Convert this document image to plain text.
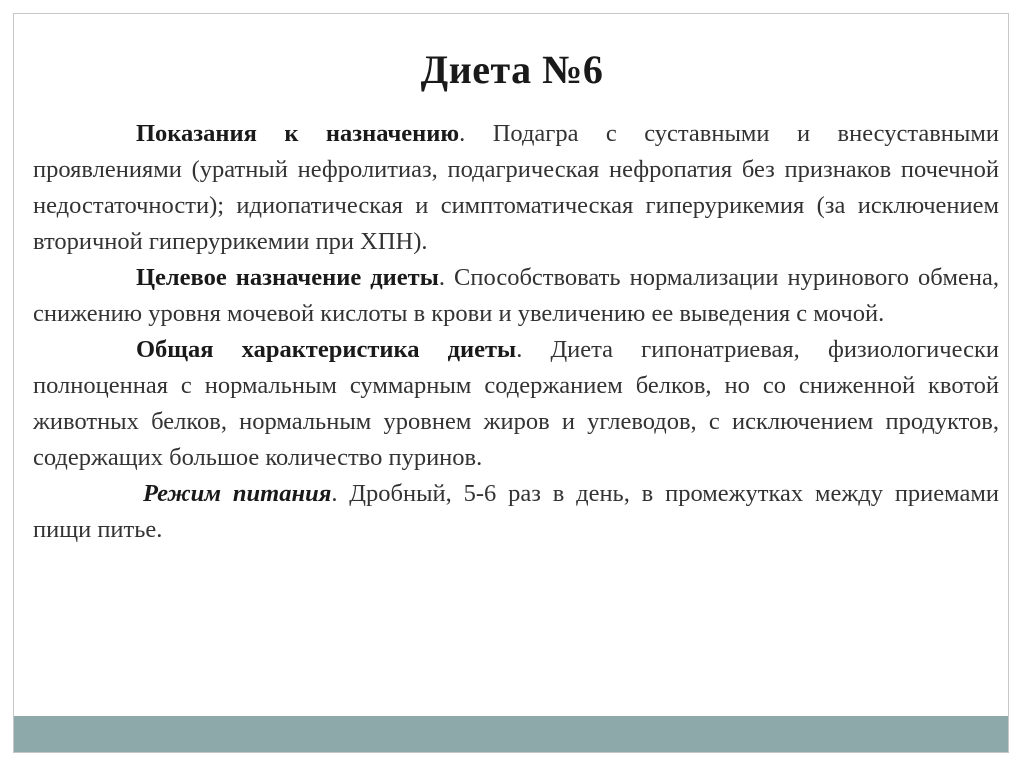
Диета №6

Показания к назначению. Подагра с суставными и внесуставными проявлениями (уратный нефролитиаз, подагрическая нефропатия без признаков почечной недостаточности); идиопатическая и симптоматическая гиперурикемия (за исключением вторичной гиперурикемии при ХПН).

Целевое назначение диеты. Способствовать нормализации нуринового обмена, снижению уровня мочевой кислоты в крови и увеличению ее выведения с мочой.

Общая характеристика диеты. Диета гипонатриевая, физиологически полноценная с нормальным суммарным содержанием белков, но со сниженной квотой животных белков, нормальным уровнем жиров и углеводов, с исключением продуктов, содержащих большое количество пуринов.

Режим питания. Дробный, 5-6 раз в день, в промежутках между приемами пищи питье.
